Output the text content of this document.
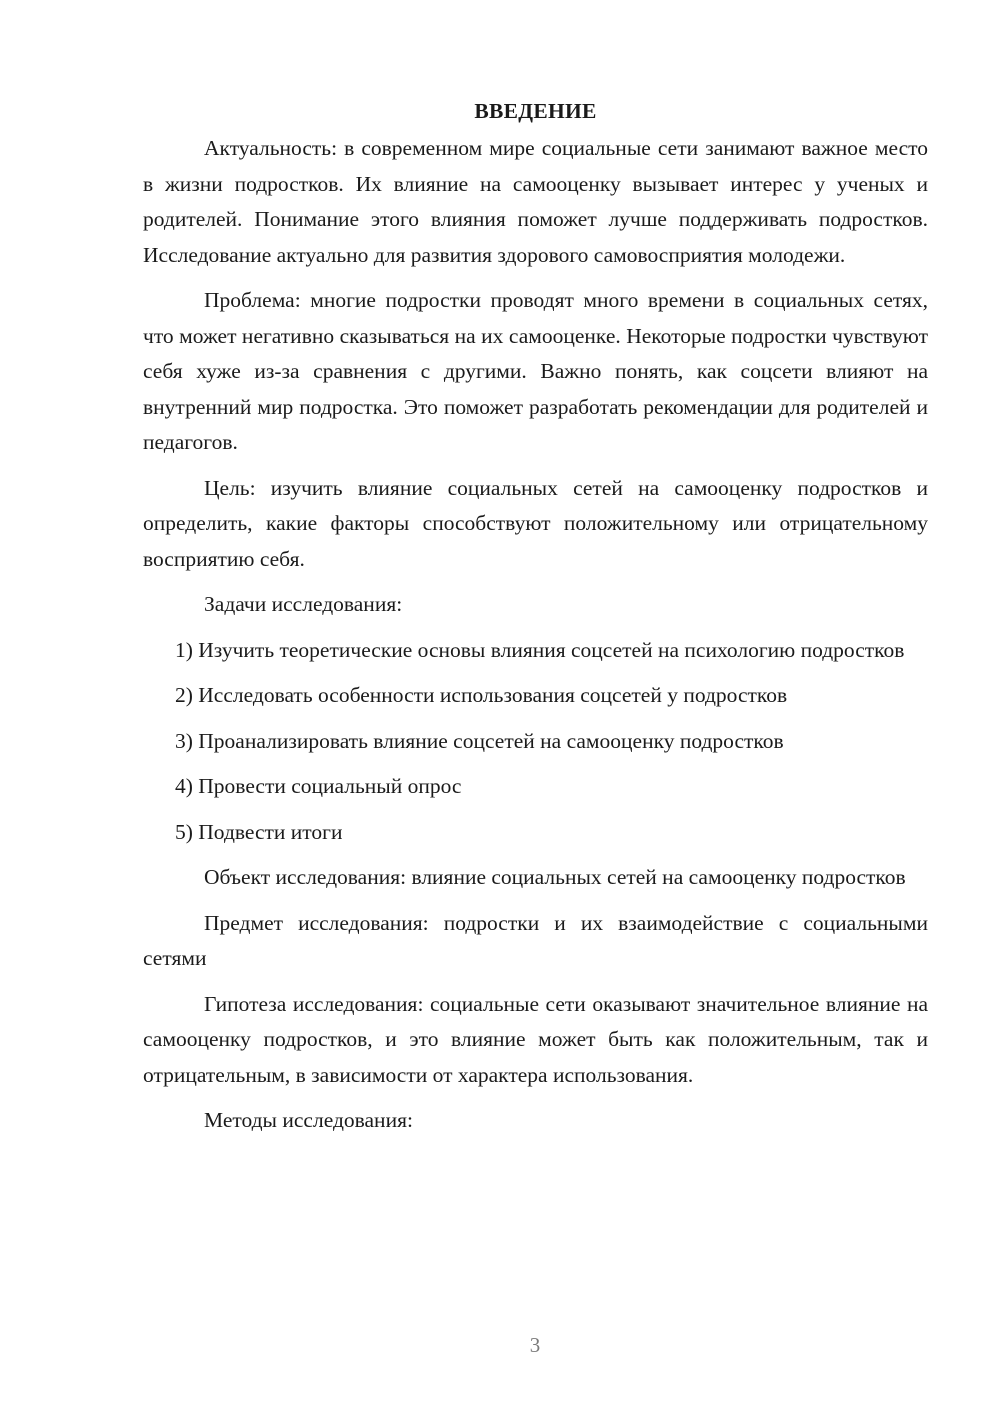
ВВЕДЕНИЕ

Актуальность: в современном мире социальные сети занимают важное место в жизни подростков. Их влияние на самооценку вызывает интерес у ученых и родителей. Понимание этого влияния поможет лучше поддерживать подростков. Исследование актуально для развития здорового самовосприятия молодежи.

Проблема: многие подростки проводят много времени в социальных сетях, что может негативно сказываться на их самооценке. Некоторые подростки чувствуют себя хуже из-за сравнения с другими. Важно понять, как соцсети влияют на внутренний мир подростка. Это поможет разработать рекомендации для родителей и педагогов.

Цель: изучить влияние социальных сетей на самооценку подростков и определить, какие факторы способствуют положительному или отрицательному восприятию себя.

Задачи исследования:

1) Изучить теоретические основы влияния соцсетей на психологию подростков

2) Исследовать особенности использования соцсетей у подростков

3) Проанализировать влияние соцсетей на самооценку подростков

4) Провести социальный опрос

5) Подвести итоги

Объект исследования: влияние социальных сетей на самооценку подростков

Предмет исследования: подростки и их взаимодействие с социальными сетями

Гипотеза исследования: социальные сети оказывают значительное влияние на самооценку подростков, и это влияние может быть как положительным, так и отрицательным, в зависимости от характера использования.

Методы исследования:

3
